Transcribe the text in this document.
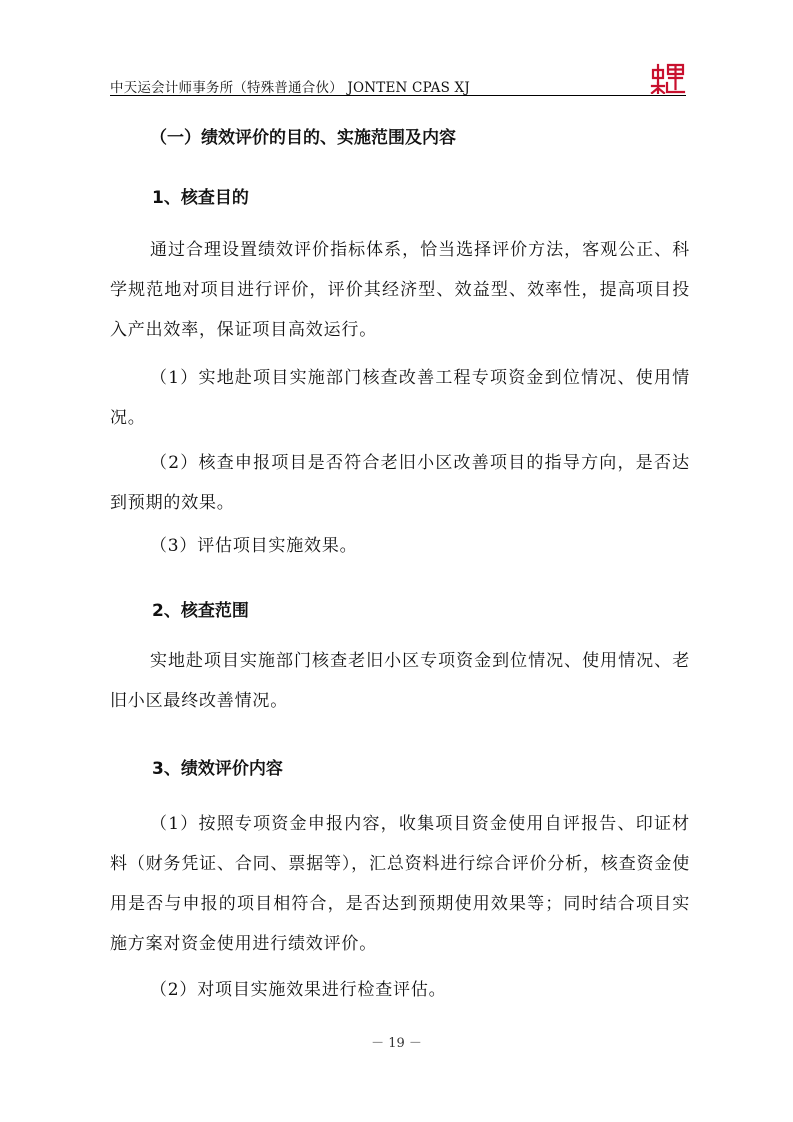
中天运会计师事务所（特殊普通合伙） JONTEN CPAS XJ
（一）绩效评价的目的、实施范围及内容
1、核查目的
通过合理设置绩效评价指标体系，恰当选择评价方法，客观公正、科学规范地对项目进行评价，评价其经济型、效益型、效率性，提高项目投入产出效率，保证项目高效运行。
（1）实地赴项目实施部门核查改善工程专项资金到位情况、使用情况。
（2）核查申报项目是否符合老旧小区改善项目的指导方向，是否达到预期的效果。
（3）评估项目实施效果。
2、核查范围
实地赴项目实施部门核查老旧小区专项资金到位情况、使用情况、老旧小区最终改善情况。
3、绩效评价内容
（1）按照专项资金申报内容，收集项目资金使用自评报告、印证材料（财务凭证、合同、票据等），汇总资料进行综合评价分析，核查资金使用是否与申报的项目相符合，是否达到预期使用效果等；同时结合项目实施方案对资金使用进行绩效评价。
（2）对项目实施效果进行检查评估。
－ 19 －
